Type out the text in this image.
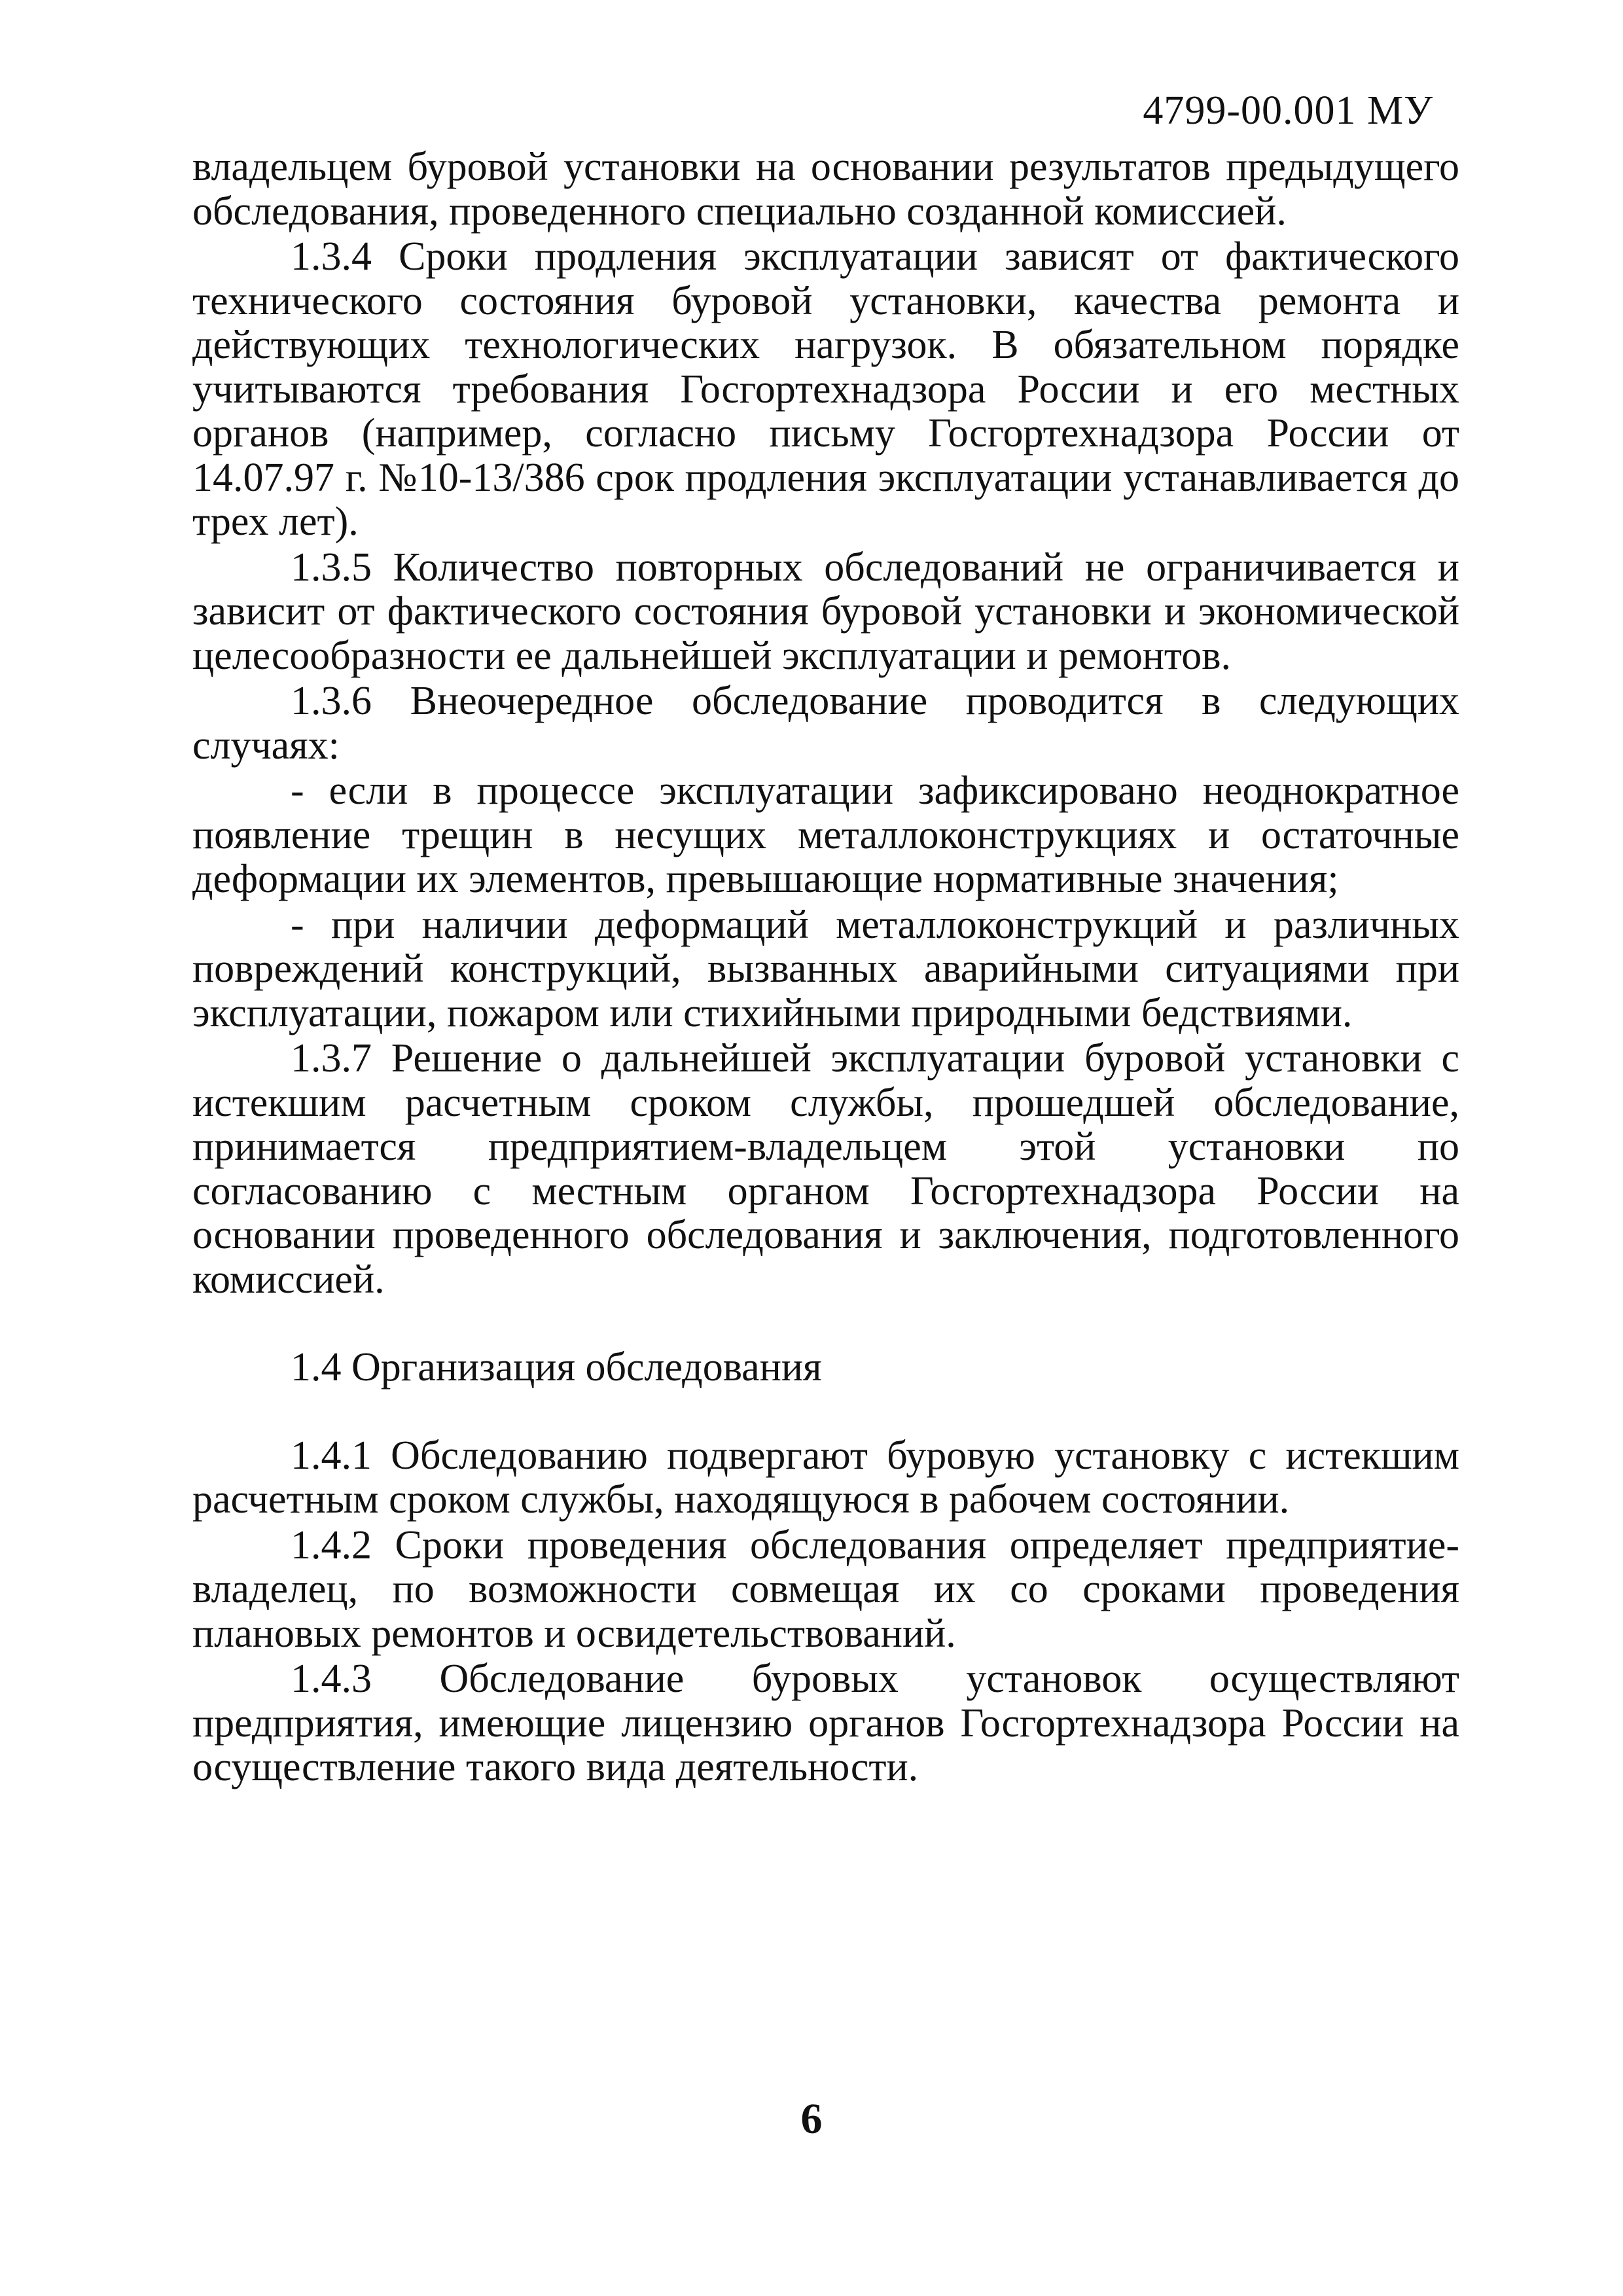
4799-00.001 МУ

владельцем буровой установки на основании результатов предыдущего обследования, проведенного специально созданной комиссией.

1.3.4 Сроки продления эксплуатации зависят от фактического технического состояния буровой установки, качества ремонта и действующих технологических нагрузок. В обязательном порядке учитываются требования Госгортехнадзора России и его местных органов (например, согласно письму Госгортехнадзора России от 14.07.97 г. №10-13/386 срок продления эксплуатации устанавливается до трех лет).

1.3.5 Количество повторных обследований не ограничивается и зависит от фактического состояния буровой установки и экономической целесообразности ее дальнейшей эксплуатации и ремонтов.

1.3.6 Внеочередное обследование проводится в следующих случаях:

- если в процессе эксплуатации зафиксировано неоднократное появление трещин в несущих металлоконструкциях и остаточные деформации их элементов, превышающие нормативные значения;

- при наличии деформаций металлоконструкций и различных повреждений конструкций, вызванных аварийными ситуациями при эксплуатации, пожаром или стихийными природными бедствиями.

1.3.7 Решение о дальнейшей эксплуатации буровой установки с истекшим расчетным сроком службы, прошедшей обследование, принимается предприятием-владельцем этой установки по согласованию с местным органом Госгортехнадзора России на основании проведенного обследования и заключения, подготовленного комиссией.

1.4 Организация обследования

1.4.1 Обследованию подвергают буровую установку с истекшим расчетным сроком службы, находящуюся в рабочем состоянии.

1.4.2 Сроки проведения обследования определяет предприятие-владелец, по возможности совмещая их со сроками проведения плановых ремонтов и освидетельствований.

1.4.3 Обследование буровых установок осуществляют предприятия, имеющие лицензию органов Госгортехнадзора России на осуществление такого вида деятельности.

6
